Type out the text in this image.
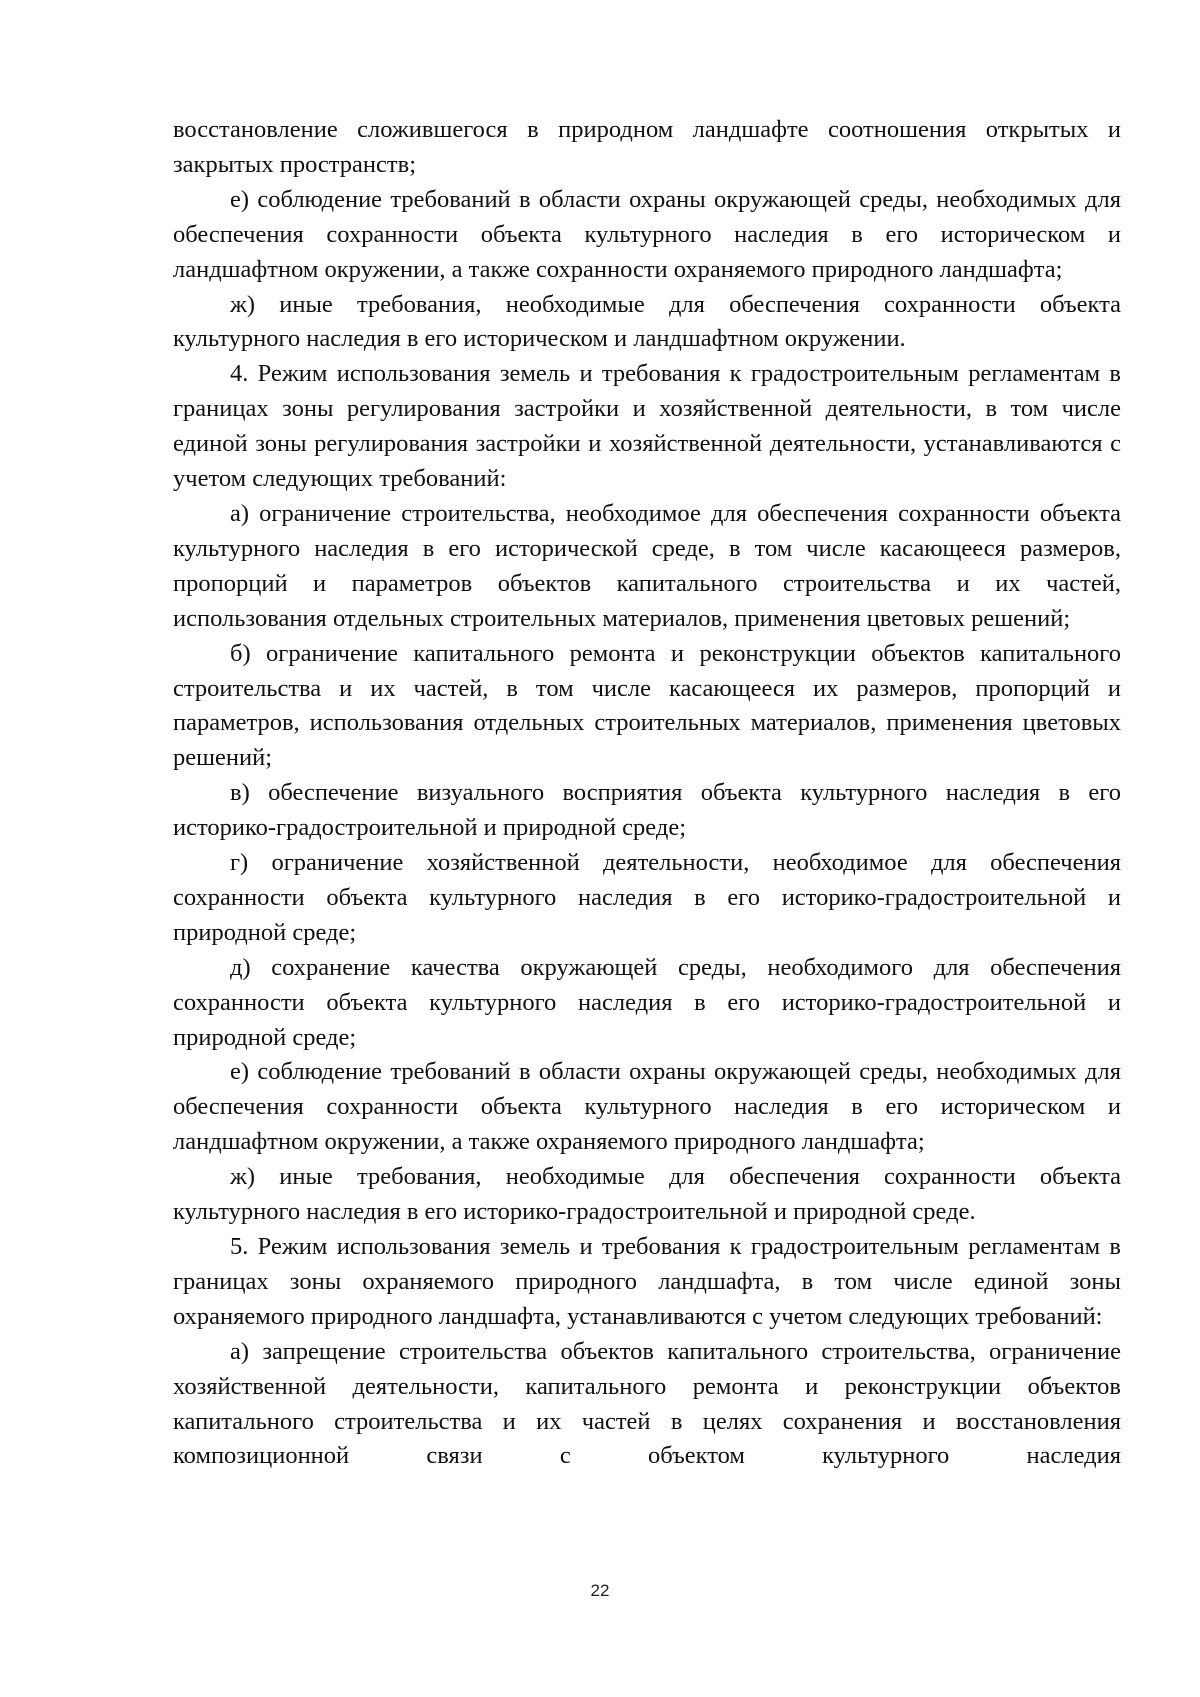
восстановление сложившегося в природном ландшафте соотношения открытых и закрытых пространств;

е) соблюдение требований в области охраны окружающей среды, необходимых для обеспечения сохранности объекта культурного наследия в его историческом и ландшафтном окружении, а также сохранности охраняемого природного ландшафта;

ж) иные требования, необходимые для обеспечения сохранности объекта культурного наследия в его историческом и ландшафтном окружении.

4. Режим использования земель и требования к градостроительным регламентам в границах зоны регулирования застройки и хозяйственной деятельности, в том числе единой зоны регулирования застройки и хозяйственной деятельности, устанавливаются с учетом следующих требований:

а) ограничение строительства, необходимое для обеспечения сохранности объекта культурного наследия в его исторической среде, в том числе касающееся размеров, пропорций и параметров объектов капитального строительства и их частей, использования отдельных строительных материалов, применения цветовых решений;

б) ограничение капитального ремонта и реконструкции объектов капитального строительства и их частей, в том числе касающееся их размеров, пропорций и параметров, использования отдельных строительных материалов, применения цветовых решений;

в) обеспечение визуального восприятия объекта культурного наследия в его историко-градостроительной и природной среде;

г) ограничение хозяйственной деятельности, необходимое для обеспечения сохранности объекта культурного наследия в его историко-градостроительной и природной среде;

д) сохранение качества окружающей среды, необходимого для обеспечения сохранности объекта культурного наследия в его историко-градостроительной и природной среде;

е) соблюдение требований в области охраны окружающей среды, необходимых для обеспечения сохранности объекта культурного наследия в его историческом и ландшафтном окружении, а также охраняемого природного ландшафта;

ж) иные требования, необходимые для обеспечения сохранности объекта культурного наследия в его историко-градостроительной и природной среде.

5. Режим использования земель и требования к градостроительным регламентам в границах зоны охраняемого природного ландшафта, в том числе единой зоны охраняемого природного ландшафта, устанавливаются с учетом следующих требований:

а) запрещение строительства объектов капитального строительства, ограничение хозяйственной деятельности, капитального ремонта и реконструкции объектов капитального строительства и их частей в целях сохранения и восстановления композиционной связи с объектом культурного наследия

22
